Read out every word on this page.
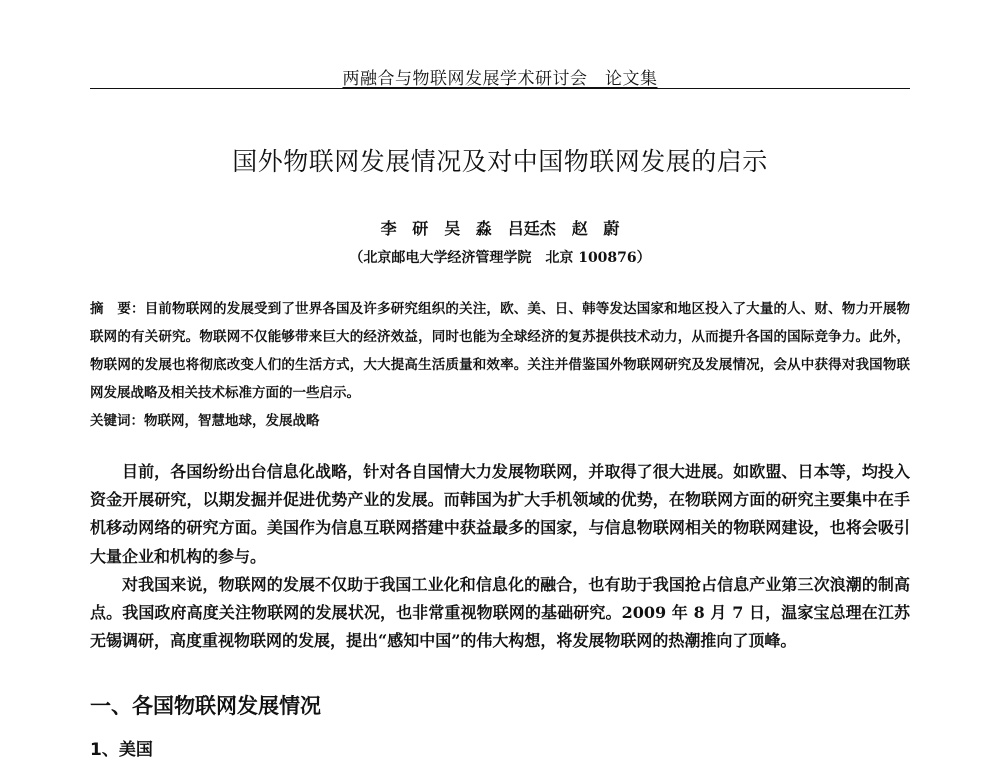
两融合与物联网发展学术研讨会　论文集
国外物联网发展情况及对中国物联网发展的启示
李 研　吴 淼　吕廷杰　赵 蔚
（北京邮电大学经济管理学院　北京 100876）
摘　要：目前物联网的发展受到了世界各国及许多研究组织的关注，欧、美、日、韩等发达国家和地区投入了大量的人、财、物力开展物联网的有关研究。物联网不仅能够带来巨大的经济效益，同时也能为全球经济的复苏提供技术动力，从而提升各国的国际竞争力。此外，物联网的发展也将彻底改变人们的生活方式，大大提高生活质量和效率。关注并借鉴国外物联网研究及发展情况，会从中获得对我国物联网发展战略及相关技术标准方面的一些启示。
关键词：物联网，智慧地球，发展战略

目前，各国纷纷出台信息化战略，针对各自国情大力发展物联网，并取得了很大进展。如欧盟、日本等，均投入资金开展研究，以期发掘并促进优势产业的发展。而韩国为扩大手机领域的优势，在物联网方面的研究主要集中在手机移动网络的研究方面。美国作为信息互联网搭建中获益最多的国家，与信息物联网相关的物联网建设，也将会吸引大量企业和机构的参与。

对我国来说，物联网的发展不仅助于我国工业化和信息化的融合，也有助于我国抢占信息产业第三次浪潮的制高点。我国政府高度关注物联网的发展状况，也非常重视物联网的基础研究。2009 年 8 月 7 日，温家宝总理在江苏无锡调研，高度重视物联网的发展，提出“感知中国”的伟大构想，将发展物联网的热潮推向了顶峰。

一、各国物联网发展情况
1、美国
